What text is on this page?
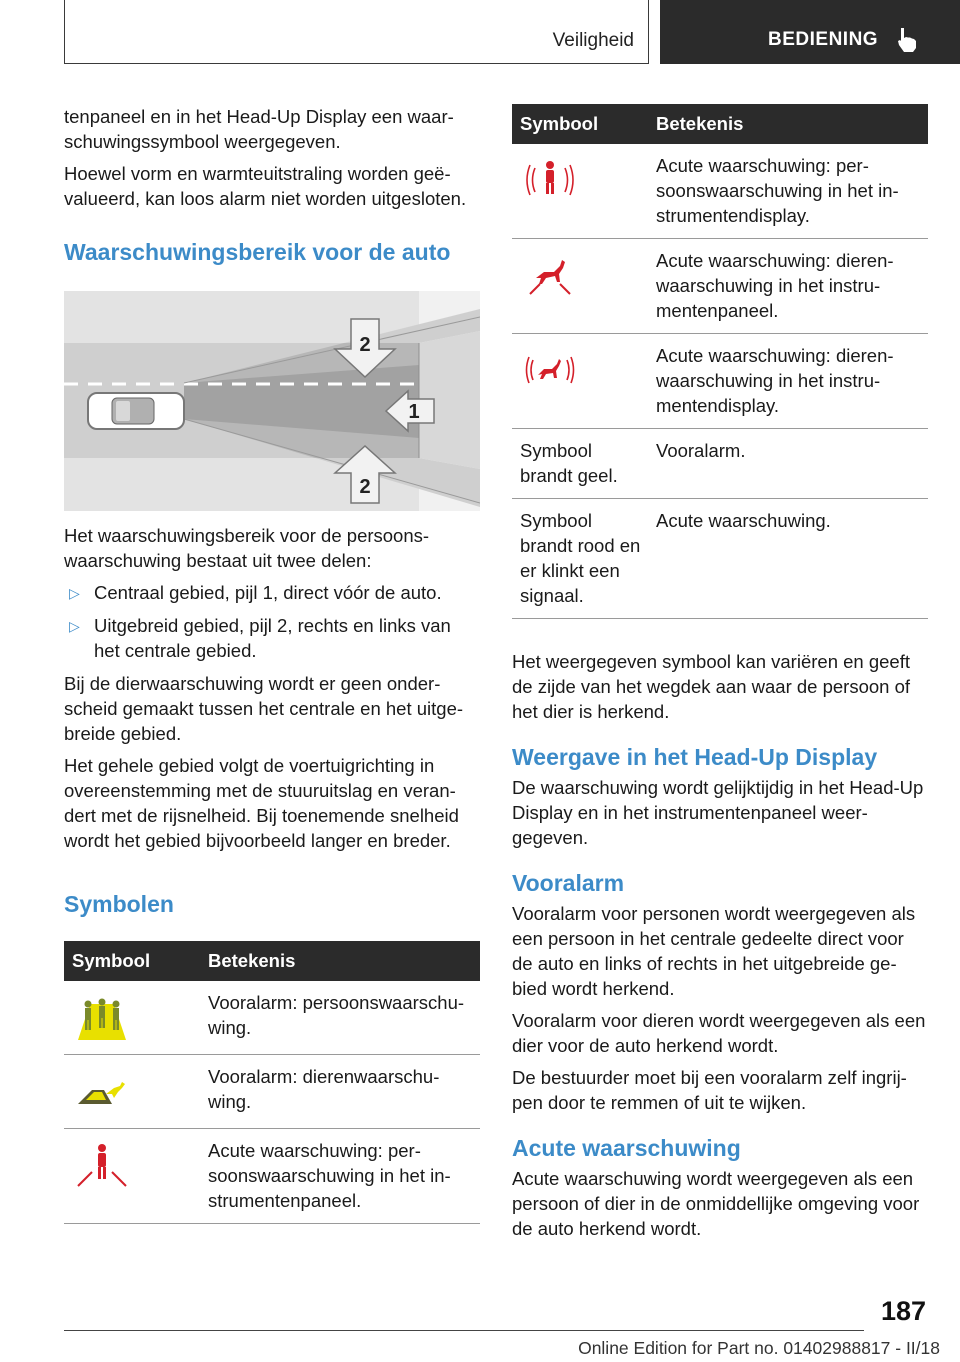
Veiligheid	BEDIENING

tenpaneel en in het Head-Up Display een waar-schuwingssymbool weergegeven.

Hoewel vorm en warmteuitstraling worden geë-valueerd, kan loos alarm niet worden uitgesloten.

Waarschuwingsbereik voor de auto
2
1
2

Het waarschuwingsbereik voor de persoons-waarschuwing bestaat uit twee delen:

▷ Centraal gebied, pijl 1, direct vóór de auto.
▷ Uitgebreid gebied, pijl 2, rechts en links van het centrale gebied.

Bij de dierwaarschuwing wordt er geen onder-scheid gemaakt tussen het centrale en het uitge-breide gebied.

Het gehele gebied volgt de voertuigrichting in overeenstemming met de stuuruitslag en veran-dert met de rijsnelheid. Bij toenemende snelheid wordt het gebied bijvoorbeeld langer en breder.

Symbolen
Symbool	Betekenis

	Vooralarm: persoonswaarschu-wing.

	Vooralarm: dierenwaarschu-wing.

	Acute waarschuwing: per-soonswaarschuwing in het in-strumentenpaneel.
Symbool	Betekenis

	Acute waarschuwing: per-soonswaarschuwing in het in-strumentendisplay.

	Acute waarschuwing: dieren-waarschuwing in het instru-mentenpaneel.

	Acute waarschuwing: dieren-waarschuwing in het instru-mentendisplay.
Symbool brandt geel.	Vooralarm.
Symbool brandt rood en er klinkt een signaal.	Acute waarschuwing.

Het weergegeven symbool kan variëren en geeft de zijde van het wegdek aan waar de persoon of het dier is herkend.

Weergave in het Head-Up Display

De waarschuwing wordt gelijktijdig in het Head-Up Display en in het instrumentenpaneel weer-gegeven.

Vooralarm

Vooralarm voor personen wordt weergegeven als een persoon in het centrale gedeelte direct voor de auto en links of rechts in het uitgebreide ge-bied wordt herkend.

Vooralarm voor dieren wordt weergegeven als een dier voor de auto herkend wordt.

De bestuurder moet bij een vooralarm zelf ingrij-pen door te remmen of uit te wijken.

Acute waarschuwing

Acute waarschuwing wordt weergegeven als een persoon of dier in de onmiddellijke omgeving voor de auto herkend wordt.

187
Online Edition for Part no. 01402988817 - II/18
